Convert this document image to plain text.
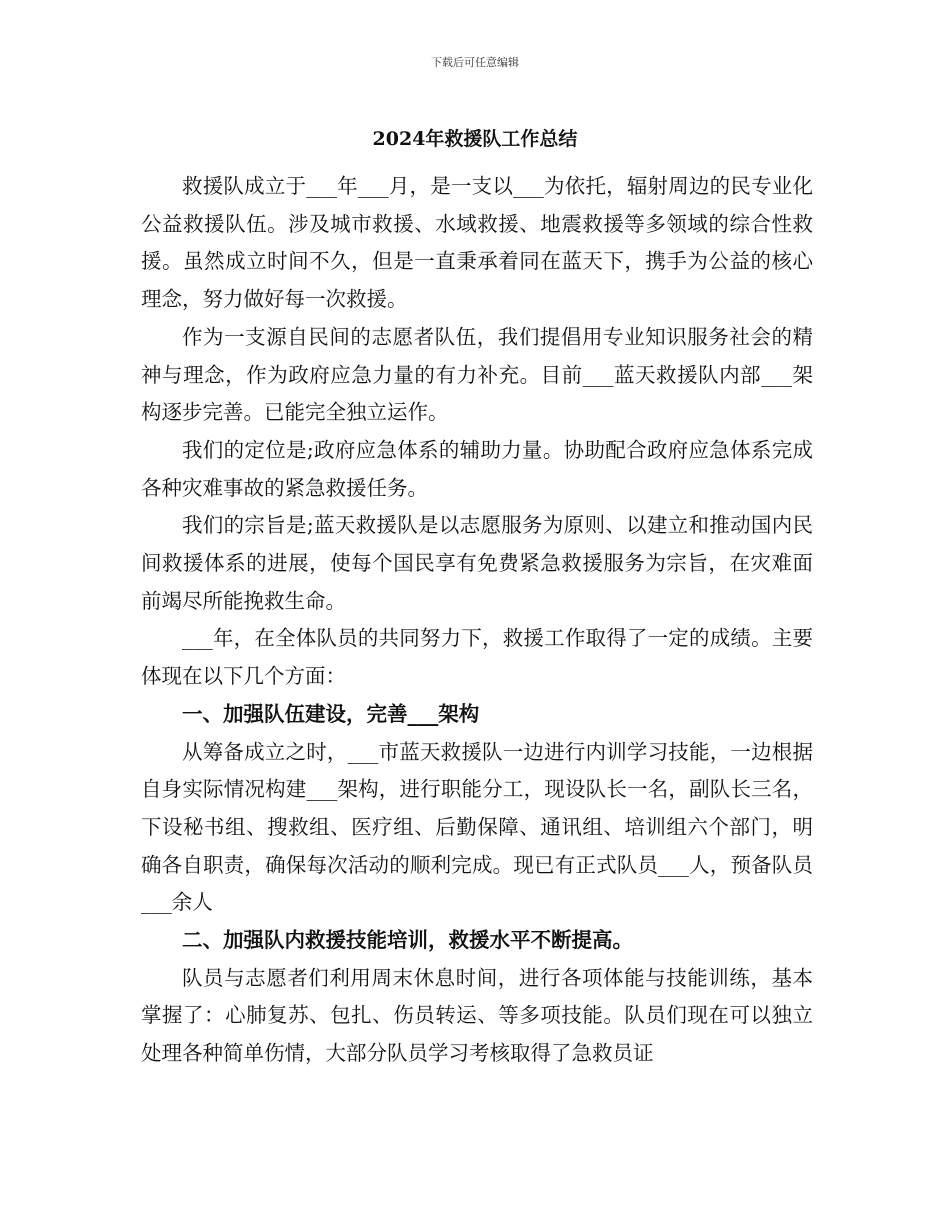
下载后可任意编辑
2024年救援队工作总结

救援队成立于___年___月，是一支以___为依托，辐射周边的民专业化公益救援队伍。涉及城市救援、水域救援、地震救援等多领域的综合性救援。虽然成立时间不久，但是一直秉承着同在蓝天下，携手为公益的核心理念，努力做好每一次救援。

作为一支源自民间的志愿者队伍，我们提倡用专业知识服务社会的精神与理念，作为政府应急力量的有力补充。目前___蓝天救援队内部___架构逐步完善。已能完全独立运作。

我们的定位是;政府应急体系的辅助力量。协助配合政府应急体系完成各种灾难事故的紧急救援任务。

我们的宗旨是;蓝天救援队是以志愿服务为原则、以建立和推动国内民间救援体系的进展，使每个国民享有免费紧急救援服务为宗旨，在灾难面前竭尽所能挽救生命。

___年，在全体队员的共同努力下，救援工作取得了一定的成绩。主要体现在以下几个方面：

一、加强队伍建设，完善___架构

从筹备成立之时，___市蓝天救援队一边进行内训学习技能，一边根据自身实际情况构建___架构，进行职能分工，现设队长一名，副队长三名，下设秘书组、搜救组、医疗组、后勤保障、通讯组、培训组六个部门，明确各自职责，确保每次活动的顺利完成。现已有正式队员___人，预备队员___余人

二、加强队内救援技能培训，救援水平不断提高。

队员与志愿者们利用周末休息时间，进行各项体能与技能训练，基本掌握了：心肺复苏、包扎、伤员转运、等多项技能。队员们现在可以独立处理各种简单伤情，大部分队员学习考核取得了急救员证
